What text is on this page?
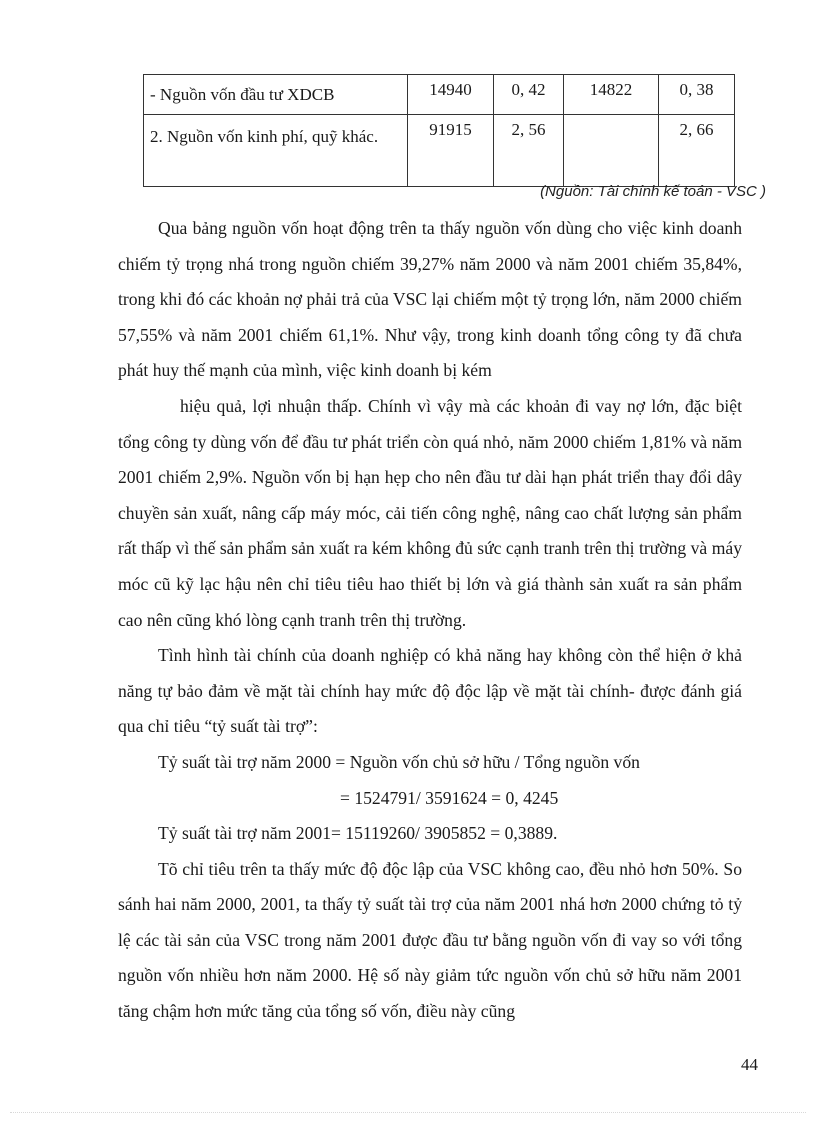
- Nguồn vốn đầu tư XDCB	14940	0, 42	14822	0, 38
2. Nguồn vốn kinh phí, quỹ khác.	91915	2, 56		2, 66
(Nguồn: Tài chính kế toán - VSC )

Qua bảng nguồn vốn hoạt động trên ta thấy nguồn vốn dùng cho việc kinh doanh chiếm tỷ trọng nhá trong nguồn chiếm 39,27% năm 2000 và năm 2001 chiếm 35,84%, trong khi đó các khoản nợ phải trả của VSC lại chiếm một tỷ trọng lớn, năm 2000 chiếm 57,55% và năm 2001 chiếm 61,1%. Như vậy, trong kinh doanh tổng công ty đã chưa phát huy thế mạnh của mình, việc kinh doanh bị kém

hiệu quả, lợi nhuận thấp. Chính vì vậy mà các khoản đi vay nợ lớn, đặc biệt tổng công ty dùng vốn để đầu tư phát triển còn quá nhỏ, năm 2000 chiếm 1,81% và năm 2001 chiếm 2,9%. Nguồn vốn bị hạn hẹp cho nên đầu tư dài hạn phát triển thay đổi dây chuyền sản xuất, nâng cấp máy móc, cải tiến công nghệ, nâng cao chất lượng sản phẩm rất thấp vì thế sản phẩm sản xuất ra kém không đủ sức cạnh tranh trên thị trường và máy móc cũ kỹ lạc hậu nên chỉ tiêu tiêu hao thiết bị lớn và giá thành sản xuất ra sản phẩm cao nên cũng khó lòng cạnh tranh trên thị trường.

Tình hình tài chính của doanh nghiệp có khả năng hay không còn thể hiện ở khả năng tự bảo đảm về mặt tài chính hay mức độ độc lập về mặt tài chính- được đánh giá qua chỉ tiêu “tỷ suất tài trợ”:

Tỷ suất tài trợ năm 2000 = Nguồn vốn chủ sở hữu / Tổng nguồn vốn

= 1524791/ 3591624 = 0, 4245

Tỷ suất tài trợ năm 2001= 15119260/ 3905852 = 0,3889.

Tõ chỉ tiêu trên ta thấy mức độ độc lập của VSC không cao, đều nhỏ hơn 50%. So sánh hai năm 2000, 2001, ta thấy tỷ suất tài trợ của năm 2001 nhá hơn 2000 chứng tỏ tỷ lệ các tài sản của VSC trong năm 2001 được đầu tư bằng nguồn vốn đi vay so với tổng nguồn vốn nhiều hơn năm 2000. Hệ số này giảm tức nguồn vốn chủ sở hữu năm 2001 tăng chậm hơn mức tăng của tổng số vốn, điều này cũng

44
